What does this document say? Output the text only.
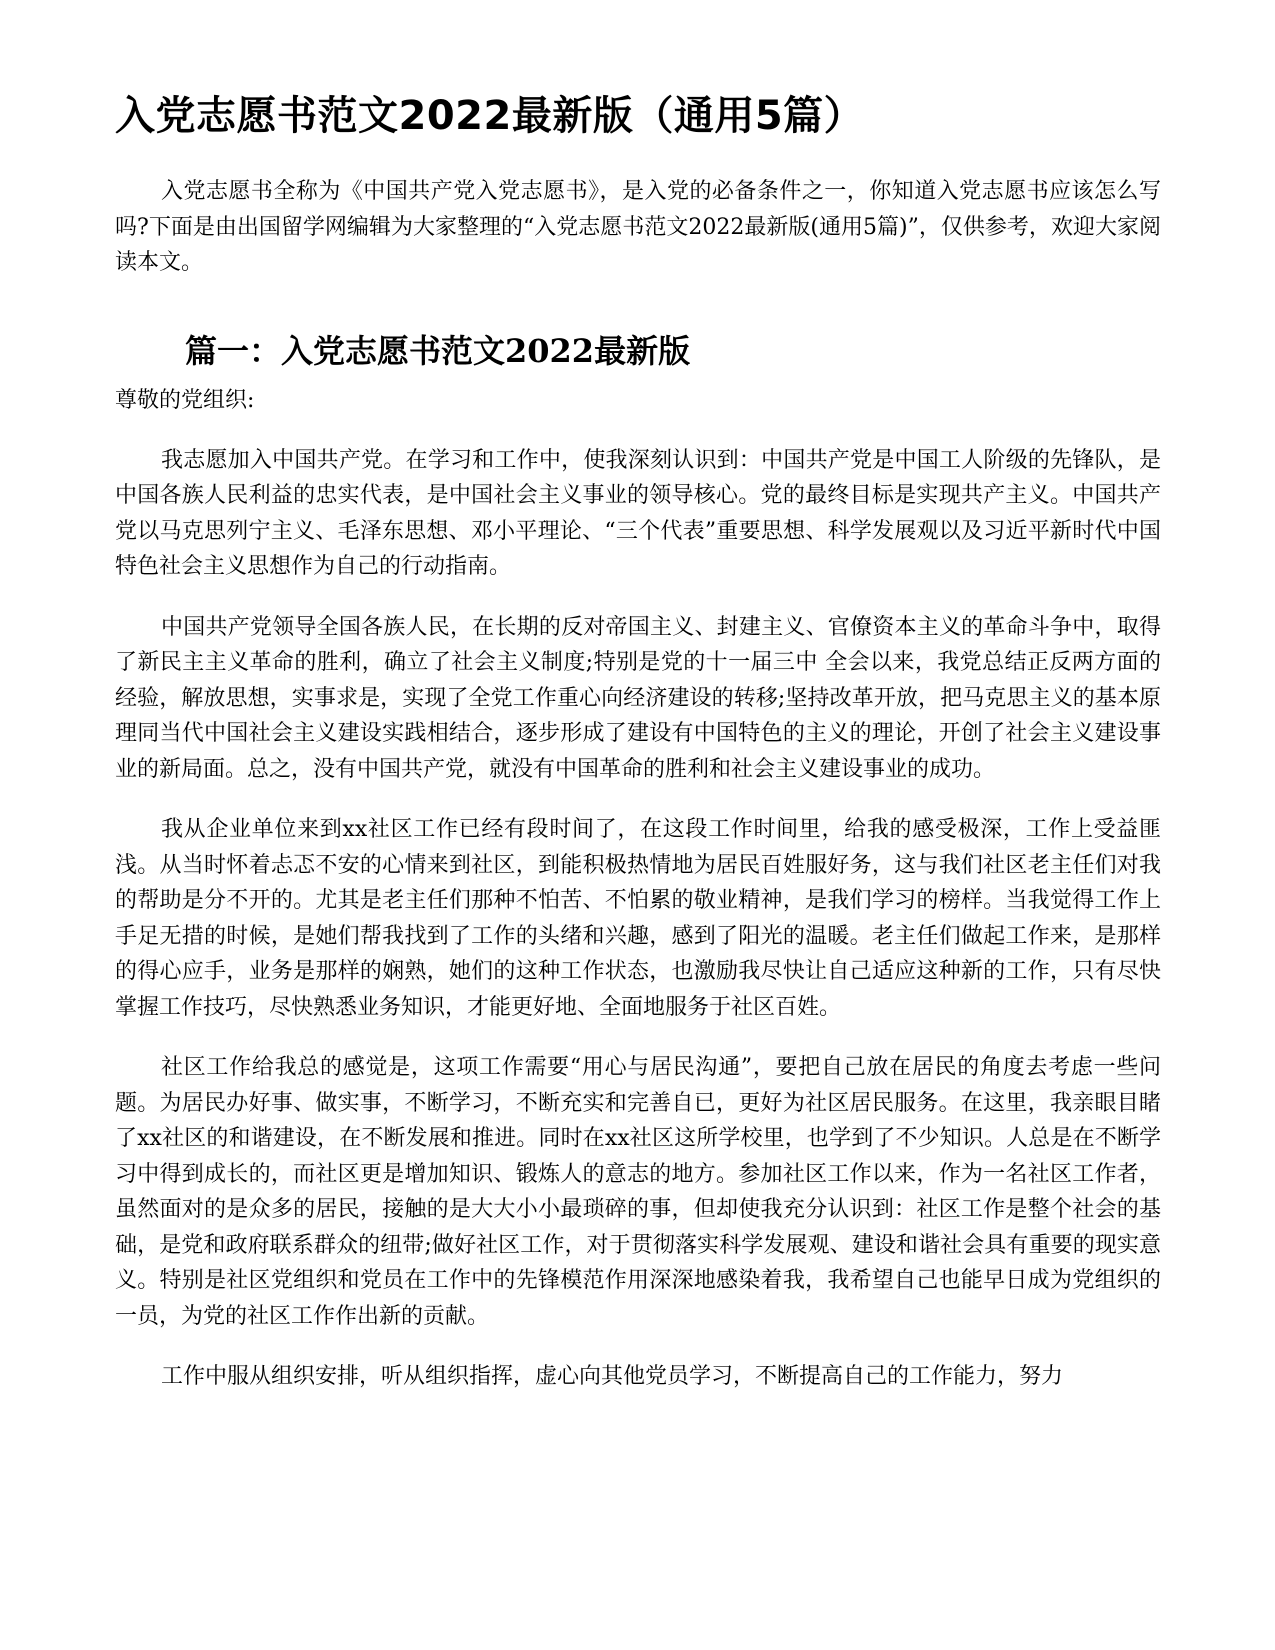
入党志愿书范文2022最新版（通用5篇）

入党志愿书全称为《中国共产党入党志愿书》，是入党的必备条件之一，你知道入党志愿书应该怎么写吗?下面是由出国留学网编辑为大家整理的“入党志愿书范文2022最新版(通用5篇)”，仅供参考，欢迎大家阅读本文。

篇一：入党志愿书范文2022最新版

尊敬的党组织:

我志愿加入中国共产党。在学习和工作中，使我深刻认识到：中国共产党是中国工人阶级的先锋队，是中国各族人民利益的忠实代表，是中国社会主义事业的领导核心。党的最终目标是实现共产主义。中国共产党以马克思列宁主义、毛泽东思想、邓小平理论、“三个代表”重要思想、科学发展观以及习近平新时代中国特色社会主义思想作为自己的行动指南。

中国共产党领导全国各族人民，在长期的反对帝国主义、封建主义、官僚资本主义的革命斗争中，取得了新民主主义革命的胜利，确立了社会主义制度;特别是党的十一届三中 全会以来，我党总结正反两方面的经验，解放思想，实事求是，实现了全党工作重心向经济建设的转移;坚持改革开放，把马克思主义的基本原理同当代中国社会主义建设实践相结合，逐步形成了建设有中国特色的主义的理论，开创了社会主义建设事业的新局面。总之，没有中国共产党，就没有中国革命的胜利和社会主义建设事业的成功。

我从企业单位来到xx社区工作已经有段时间了，在这段工作时间里，给我的感受极深，工作上受益匪浅。从当时怀着忐忑不安的心情来到社区，到能积极热情地为居民百姓服好务，这与我们社区老主任们对我的帮助是分不开的。尤其是老主任们那种不怕苦、不怕累的敬业精神，是我们学习的榜样。当我觉得工作上手足无措的时候，是她们帮我找到了工作的头绪和兴趣，感到了阳光的温暖。老主任们做起工作来，是那样的得心应手，业务是那样的娴熟，她们的这种工作状态，也激励我尽快让自己适应这种新的工作，只有尽快掌握工作技巧，尽快熟悉业务知识，才能更好地、全面地服务于社区百姓。

社区工作给我总的感觉是，这项工作需要“用心与居民沟通”，要把自己放在居民的角度去考虑一些问题。为居民办好事、做实事，不断学习，不断充实和完善自已，更好为社区居民服务。在这里，我亲眼目睹了xx社区的和谐建设，在不断发展和推进。同时在xx社区这所学校里，也学到了不少知识。人总是在不断学习中得到成长的，而社区更是增加知识、锻炼人的意志的地方。参加社区工作以来，作为一名社区工作者，虽然面对的是众多的居民，接触的是大大小小最琐碎的事，但却使我充分认识到：社区工作是整个社会的基础，是党和政府联系群众的纽带;做好社区工作，对于贯彻落实科学发展观、建设和谐社会具有重要的现实意义。特别是社区党组织和党员在工作中的先锋模范作用深深地感染着我，我希望自己也能早日成为党组织的一员，为党的社区工作作出新的贡献。

工作中服从组织安排，听从组织指挥，虚心向其他党员学习，不断提高自己的工作能力，努力
